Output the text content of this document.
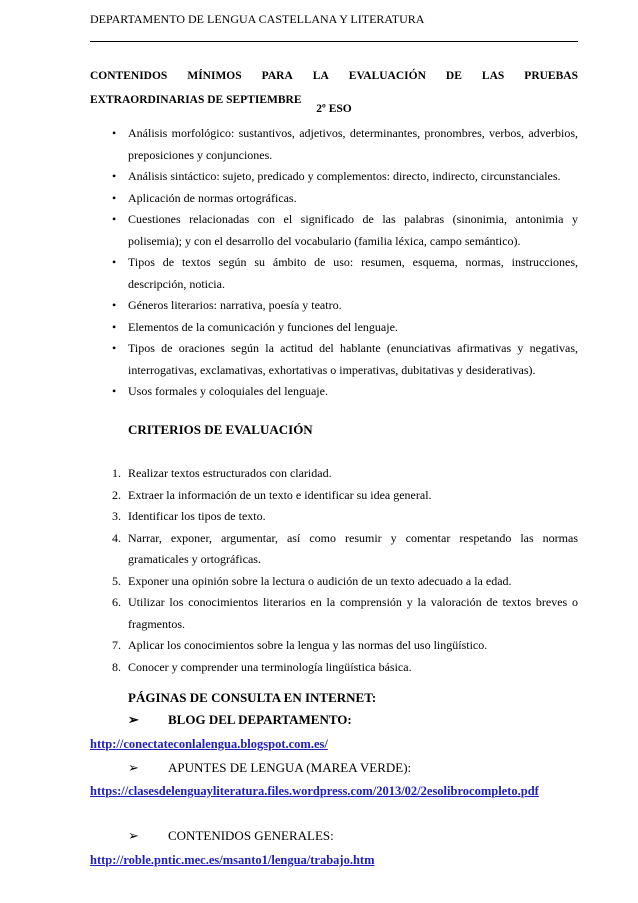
DEPARTAMENTO DE LENGUA CASTELLANA Y LITERATURA
CONTENIDOS MÍNIMOS PARA LA EVALUACIÓN DE LAS PRUEBAS
EXTRAORDINARIAS DE SEPTIEMBRE
2º ESO
• Análisis morfológico: sustantivos, adjetivos, determinantes, pronombres, verbos, adverbios, preposiciones y conjunciones.
• Análisis sintáctico: sujeto, predicado y complementos: directo, indirecto, circunstanciales.
• Aplicación de normas ortográficas.
• Cuestiones relacionadas con el significado de las palabras (sinonimia, antonimia y polisemia); y con el desarrollo del vocabulario (familia léxica, campo semántico).
• Tipos de textos según su ámbito de uso: resumen, esquema, normas, instrucciones, descripción, noticia.
• Géneros literarios: narrativa, poesía y teatro.
• Elementos de la comunicación y funciones del lenguaje.
• Tipos de oraciones según la actitud del hablante (enunciativas afirmativas y negativas, interrogativas, exclamativas, exhortativas o imperativas, dubitativas y desiderativas).
• Usos formales y coloquiales del lenguaje.
CRITERIOS DE EVALUACIÓN
1. Realizar textos estructurados con claridad.
2. Extraer la información de un texto e identificar su idea general.
3. Identificar los tipos de texto.
4. Narrar, exponer, argumentar, así como resumir y comentar respetando las normas gramaticales y ortográficas.
5. Exponer una opinión sobre la lectura o audición de un texto adecuado a la edad.
6. Utilizar los conocimientos literarios en la comprensión y la valoración de textos breves o fragmentos.
7. Aplicar los conocimientos sobre la lengua y las normas del uso lingüístico.
8. Conocer y comprender una terminología lingüística básica.
PÁGINAS DE CONSULTA EN INTERNET:
➢ BLOG DEL DEPARTAMENTO:
http://conectateconlalengua.blogspot.com.es/
➢ APUNTES DE LENGUA (MAREA VERDE):
https://clasesdelenguayliteratura.files.wordpress.com/2013/02/2esolibrocompleto.pdf
➢ CONTENIDOS GENERALES:
http://roble.pntic.mec.es/msanto1/lengua/trabajo.htm
